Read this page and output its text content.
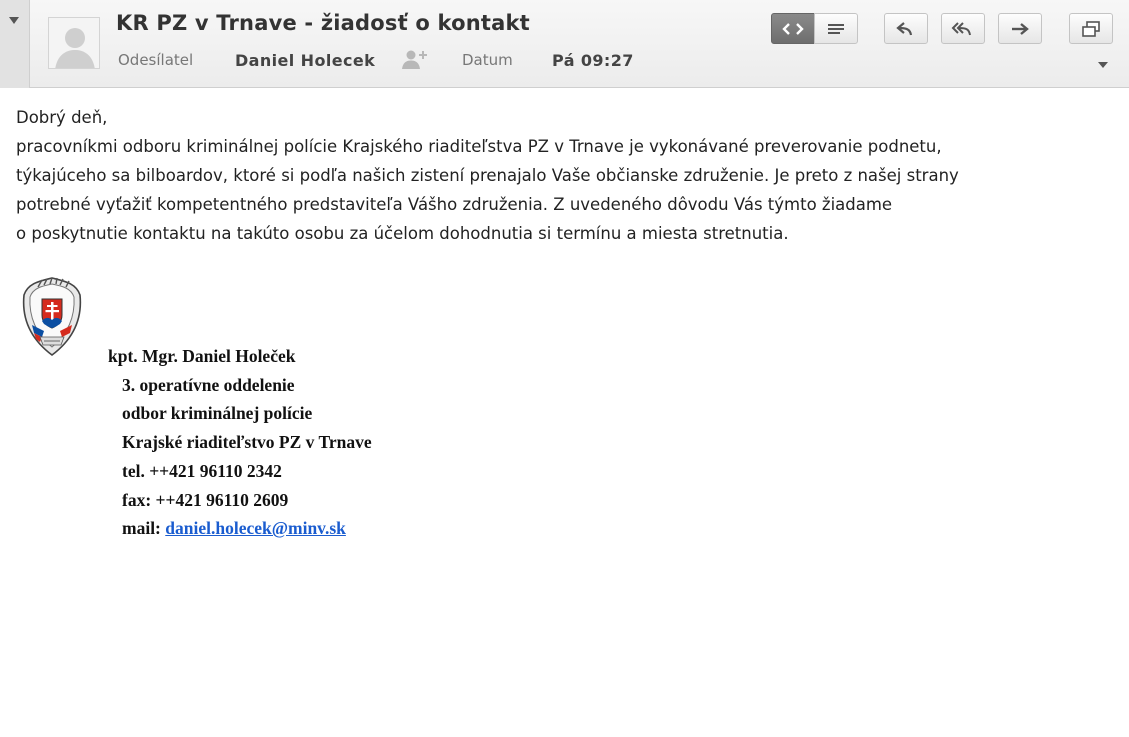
KR PZ v Trnave - žiadosť o kontakt
Odesílatel	Daniel Holecek	Datum Pá 09:27

Dobrý deň,

pracovníkmi odboru kriminálnej polície Krajského riaditeľstva PZ v Trnave je vykonávané preverovanie podnetu,

týkajúceho sa bilboardov, ktoré si podľa našich zistení prenajalo Vaše občianske združenie. Je preto z našej strany

potrebné vyťažiť kompetentného predstaviteľa Vášho združenia. Z uvedeného dôvodu Vás týmto žiadame

o poskytnutie kontaktu na takúto osobu za účelom dohodnutia si termínu a miesta stretnutia.

kpt. Mgr. Daniel Holeček
3. operatívne oddelenie
odbor kriminálnej polície
Krajské riaditeľstvo PZ v Trnave
tel. ++421 96110 2342
fax: ++421 96110 2609
mail: daniel.holecek@minv.sk
